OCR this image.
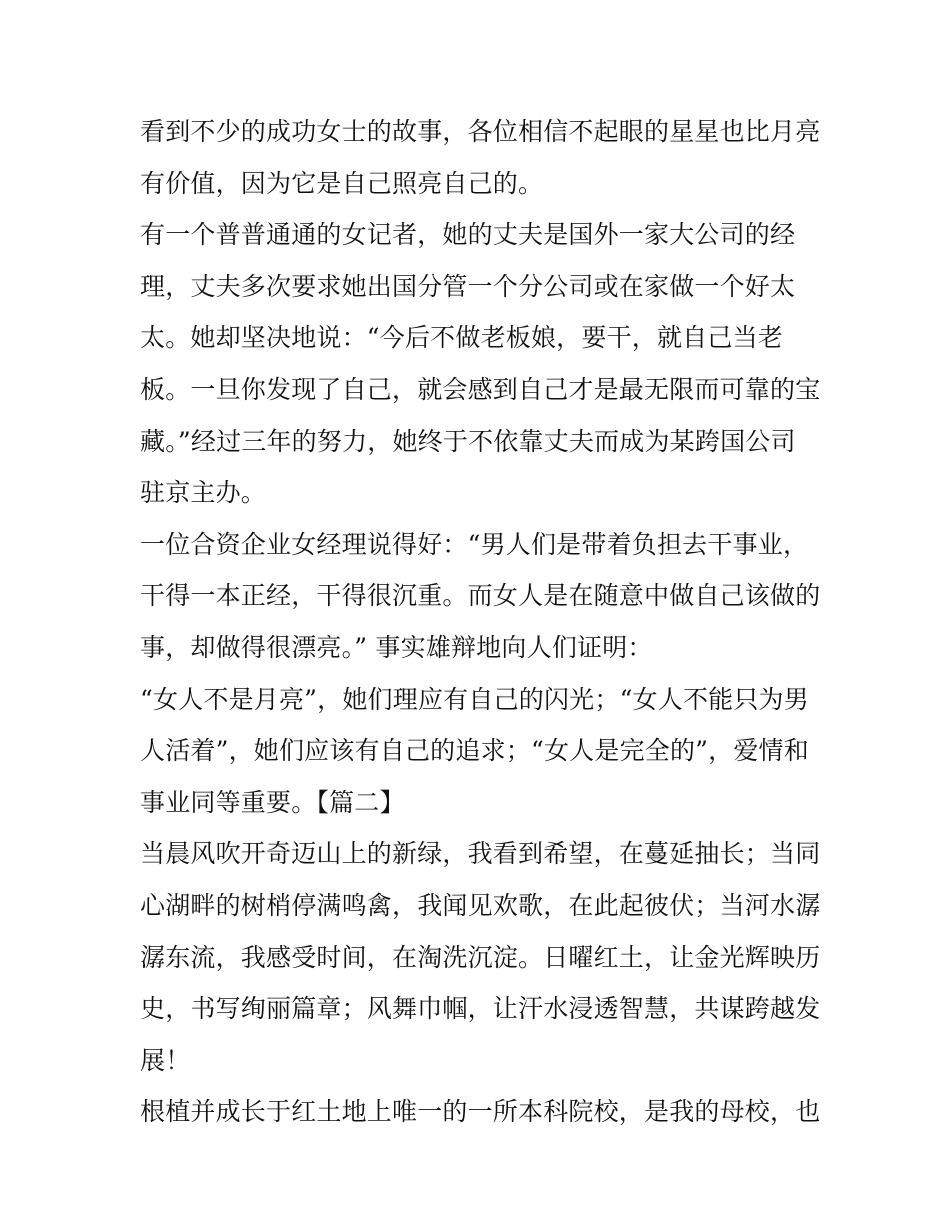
看到不少的成功女士的故事，各位相信不起眼的星星也比月亮
有价值，因为它是自己照亮自己的。
有一个普普通通的女记者，她的丈夫是国外一家大公司的经
理，丈夫多次要求她出国分管一个分公司或在家做一个好太
太。她却坚决地说：“今后不做老板娘，要干，就自己当老
板。一旦你发现了自己，就会感到自己才是最无限而可靠的宝
藏。”经过三年的努力，她终于不依靠丈夫而成为某跨国公司
驻京主办。
一位合资企业女经理说得好：“男人们是带着负担去干事业，
干得一本正经，干得很沉重。而女人是在随意中做自己该做的
事，却做得很漂亮。” 事实雄辩地向人们证明：
“女人不是月亮”，她们理应有自己的闪光；“女人不能只为男
人活着”，她们应该有自己的追求；“女人是完全的”，爱情和
事业同等重要。【篇二】
当晨风吹开奇迈山上的新绿，我看到希望，在蔓延抽长；当同
心湖畔的树梢停满鸣禽，我闻见欢歌，在此起彼伏；当河水潺
潺东流，我感受时间，在淘洗沉淀。日曜红土，让金光辉映历
史，书写绚丽篇章；风舞巾帼，让汗水浸透智慧，共谋跨越发
展！
根植并成长于红土地上唯一的一所本科院校，是我的母校，也
